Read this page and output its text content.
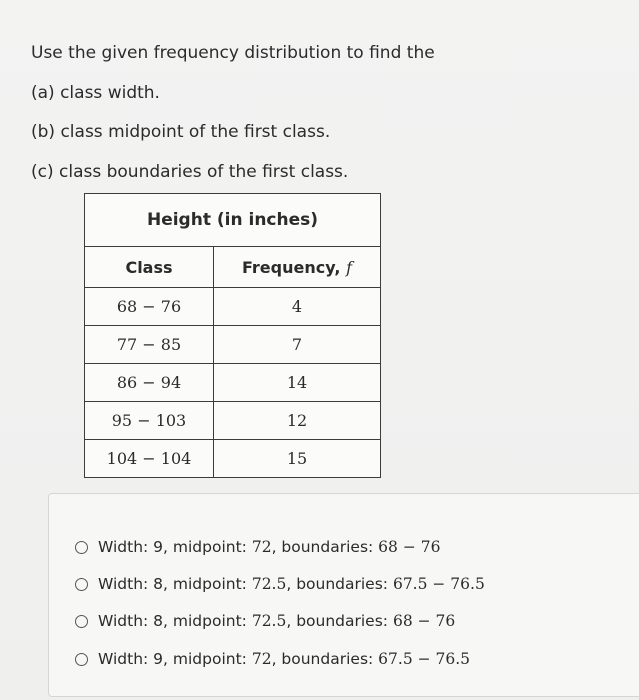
Use the given frequency distribution to find the
(a) class width.
(b) class midpoint of the first class.
(c) class boundaries of the first class.
Height (in inches)	
Class	Frequency, f
68 − 76	4
77 − 85	7
86 − 94	14
95 − 103	12
104 − 104	15
Width: 9, midpoint: 72, boundaries: 68 − 76
Width: 8, midpoint: 72.5, boundaries: 67.5 − 76.5
Width: 8, midpoint: 72.5, boundaries: 68 − 76
Width: 9, midpoint: 72, boundaries: 67.5 − 76.5
